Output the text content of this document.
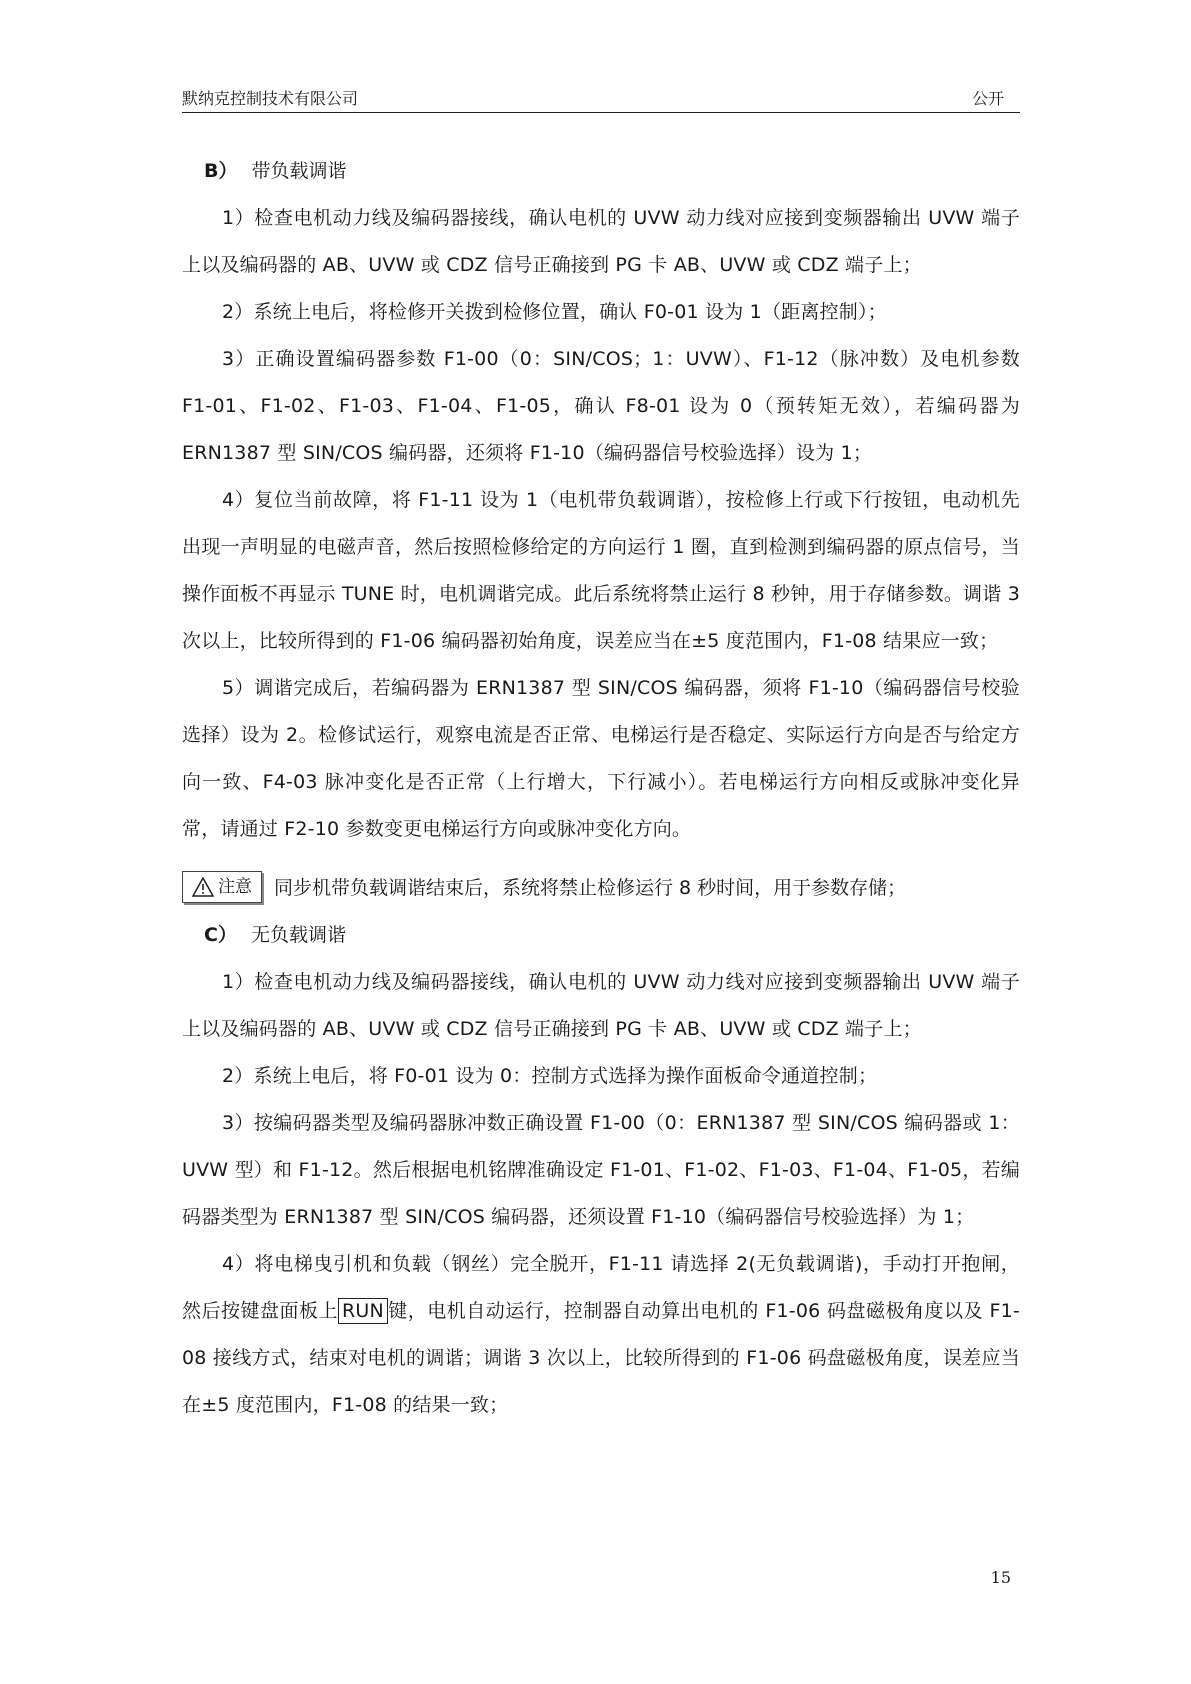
默纳克控制技术有限公司	公开

B） 带负载调谐

1）检查电机动力线及编码器接线，确认电机的 UVW 动力线对应接到变频器输出 UVW 端子上以及编码器的 AB、UVW 或 CDZ 信号正确接到 PG 卡 AB、UVW 或 CDZ 端子上；

2）系统上电后，将检修开关拨到检修位置，确认 F0-01 设为 1（距离控制）；

3）正确设置编码器参数 F1-00（0：SIN/COS；1：UVW）、F1-12（脉冲数）及电机参数 F1-01、F1-02、F1-03、F1-04、F1-05，确认 F8-01 设为 0（预转矩无效），若编码器为 ERN1387 型 SIN/COS 编码器，还须将 F1-10（编码器信号校验选择）设为 1；

4）复位当前故障，将 F1-11 设为 1（电机带负载调谐），按检修上行或下行按钮，电动机先出现一声明显的电磁声音，然后按照检修给定的方向运行 1 圈，直到检测到编码器的原点信号，当操作面板不再显示 TUNE 时，电机调谐完成。此后系统将禁止运行 8 秒钟，用于存储参数。调谐 3 次以上，比较所得到的 F1-06 编码器初始角度，误差应当在±5 度范围内，F1-08 结果应一致；

5）调谐完成后，若编码器为 ERN1387 型 SIN/COS 编码器，须将 F1-10（编码器信号校验选择）设为 2。检修试运行，观察电流是否正常、电梯运行是否稳定、实际运行方向是否与给定方向一致、F4-03 脉冲变化是否正常（上行增大，下行减小）。若电梯运行方向相反或脉冲变化异常，请通过 F2-10 参数变更电梯运行方向或脉冲变化方向。

注意 同步机带负载调谐结束后，系统将禁止检修运行 8 秒时间，用于参数存储；

C） 无负载调谐

1）检查电机动力线及编码器接线，确认电机的 UVW 动力线对应接到变频器输出 UVW 端子上以及编码器的 AB、UVW 或 CDZ 信号正确接到 PG 卡 AB、UVW 或 CDZ 端子上；

2）系统上电后，将 F0-01 设为 0：控制方式选择为操作面板命令通道控制；

3）按编码器类型及编码器脉冲数正确设置 F1-00（0：ERN1387 型 SIN/COS 编码器或 1：UVW 型）和 F1-12。然后根据电机铭牌准确设定 F1-01、F1-02、F1-03、F1-04、F1-05，若编码器类型为 ERN1387 型 SIN/COS 编码器，还须设置 F1-10（编码器信号校验选择）为 1；

4）将电梯曳引机和负载（钢丝）完全脱开，F1-11 请选择 2(无负载调谐)，手动打开抱闸，然后按键盘面板上 RUN 键，电机自动运行，控制器自动算出电机的 F1-06 码盘磁极角度以及 F1-08 接线方式，结束对电机的调谐；调谐 3 次以上，比较所得到的 F1-06 码盘磁极角度，误差应当在±5 度范围内，F1-08 的结果一致；

15
